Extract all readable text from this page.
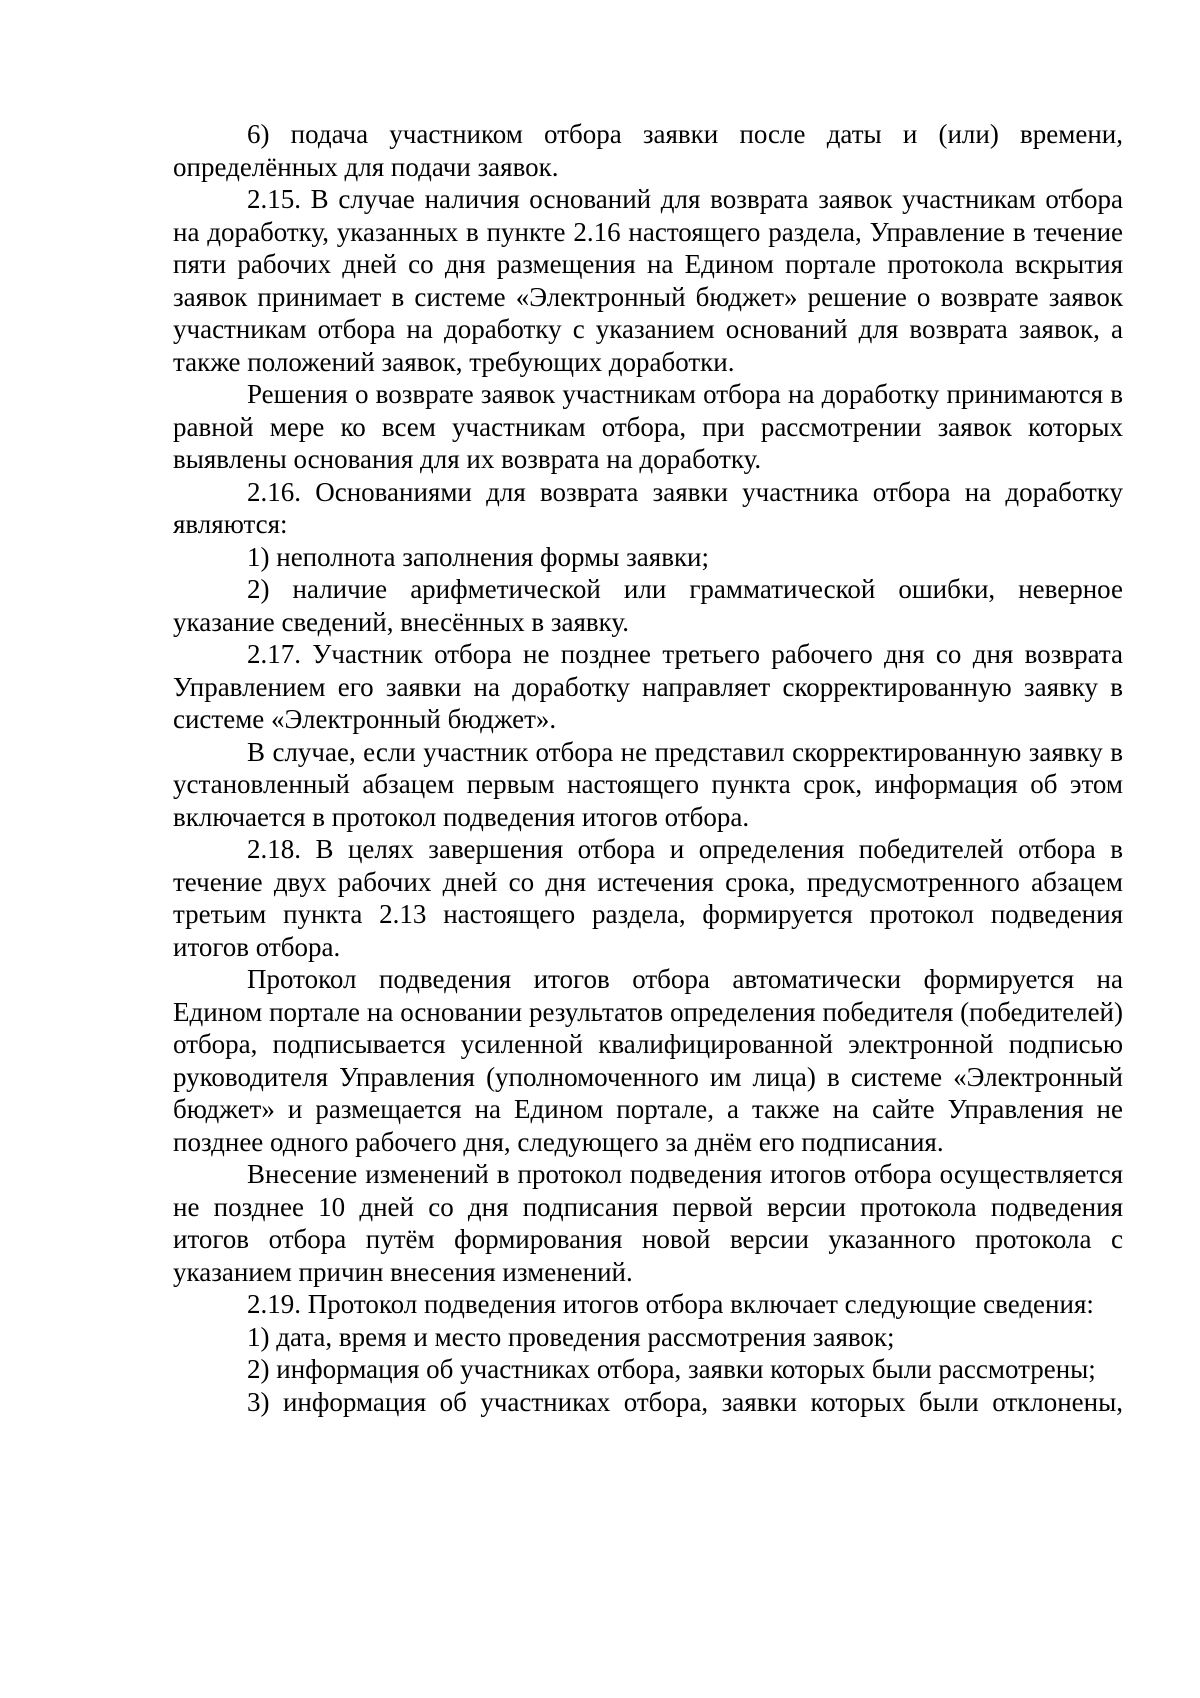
6) подача участником отбора заявки после даты и (или) времени, определённых для подачи заявок.

2.15. В случае наличия оснований для возврата заявок участникам отбора на доработку, указанных в пункте 2.16 настоящего раздела, Управление в течение пяти рабочих дней со дня размещения на Едином портале протокола вскрытия заявок принимает в системе «Электронный бюджет» решение о возврате заявок участникам отбора на доработку с указанием оснований для возврата заявок, а также положений заявок, требующих доработки.

Решения о возврате заявок участникам отбора на доработку принимаются в равной мере ко всем участникам отбора, при рассмотрении заявок которых выявлены основания для их возврата на доработку.

2.16. Основаниями для возврата заявки участника отбора на доработку являются:

1) неполнота заполнения формы заявки;

2) наличие арифметической или грамматической ошибки, неверное указание сведений, внесённых в заявку.

2.17. Участник отбора не позднее третьего рабочего дня со дня возврата Управлением его заявки на доработку направляет скорректированную заявку в системе «Электронный бюджет».

В случае, если участник отбора не представил скорректированную заявку в установленный абзацем первым настоящего пункта срок, информация об этом включается в протокол подведения итогов отбора.

2.18. В целях завершения отбора и определения победителей отбора в течение двух рабочих дней со дня истечения срока, предусмотренного абзацем третьим пункта 2.13 настоящего раздела, формируется протокол подведения итогов отбора.

Протокол подведения итогов отбора автоматически формируется на Едином портале на основании результатов определения победителя (победителей) отбора, подписывается усиленной квалифицированной электронной подписью руководителя Управления (уполномоченного им лица) в системе «Электронный бюджет» и размещается на Едином портале, а также на сайте Управления не позднее одного рабочего дня, следующего за днём его подписания.

Внесение изменений в протокол подведения итогов отбора осуществляется не позднее 10 дней со дня подписания первой версии протокола подведения итогов отбора путём формирования новой версии указанного протокола с указанием причин внесения изменений.

2.19. Протокол подведения итогов отбора включает следующие сведения:

1) дата, время и место проведения рассмотрения заявок;

2) информация об участниках отбора, заявки которых были рассмотрены;

3) информация об участниках отбора, заявки которых были отклонены,
